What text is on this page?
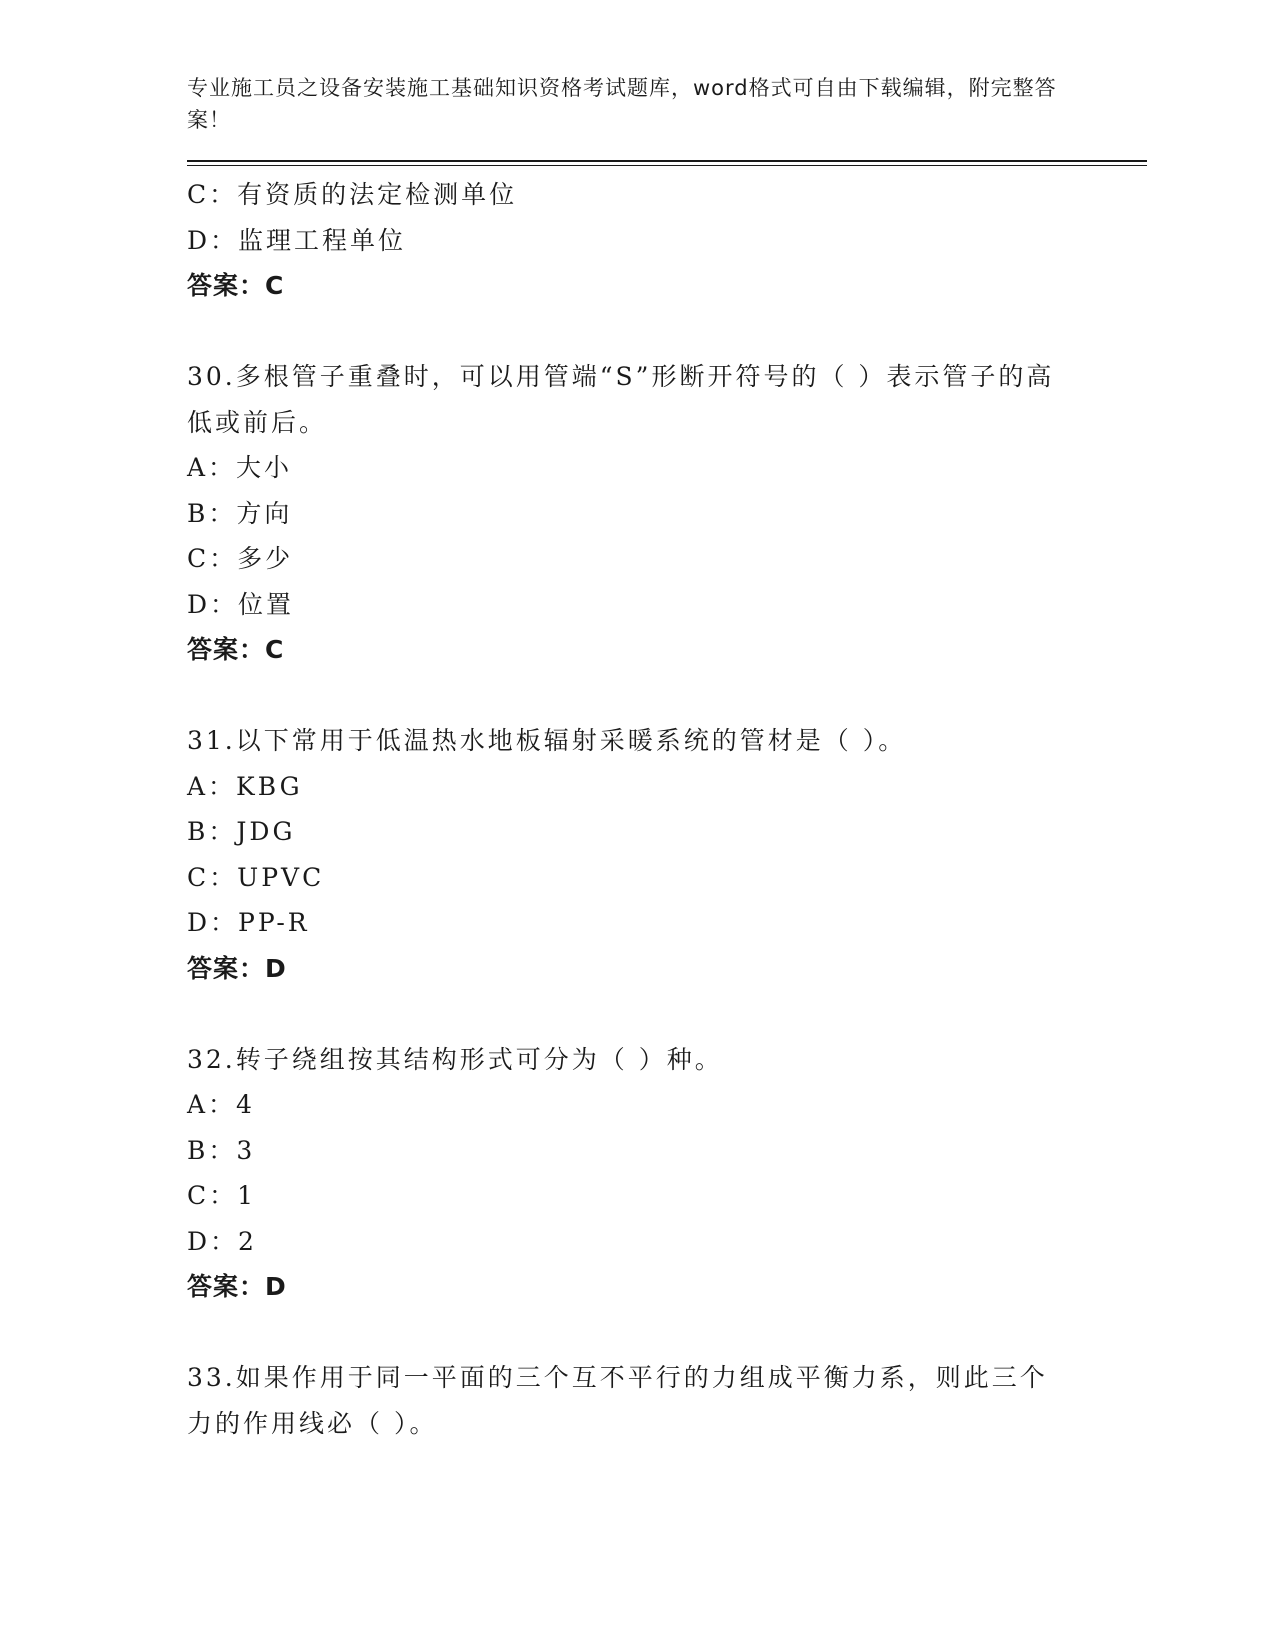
专业施工员之设备安装施工基础知识资格考试题库，word格式可自由下载编辑，附完整答案！
C：有资质的法定检测单位
D：监理工程单位
答案：C
30.多根管子重叠时，可以用管端“S”形断开符号的（ ）表示管子的高低或前后。
A：大小
B：方向
C：多少
D：位置
答案：C
31.以下常用于低温热水地板辐射采暖系统的管材是（ ）。
A：KBG
B：JDG
C：UPVC
D：PP-R
答案：D
32.转子绕组按其结构形式可分为（ ）种。
A：4
B：3
C：1
D：2
答案：D
33.如果作用于同一平面的三个互不平行的力组成平衡力系，则此三个力的作用线必（ ）。
